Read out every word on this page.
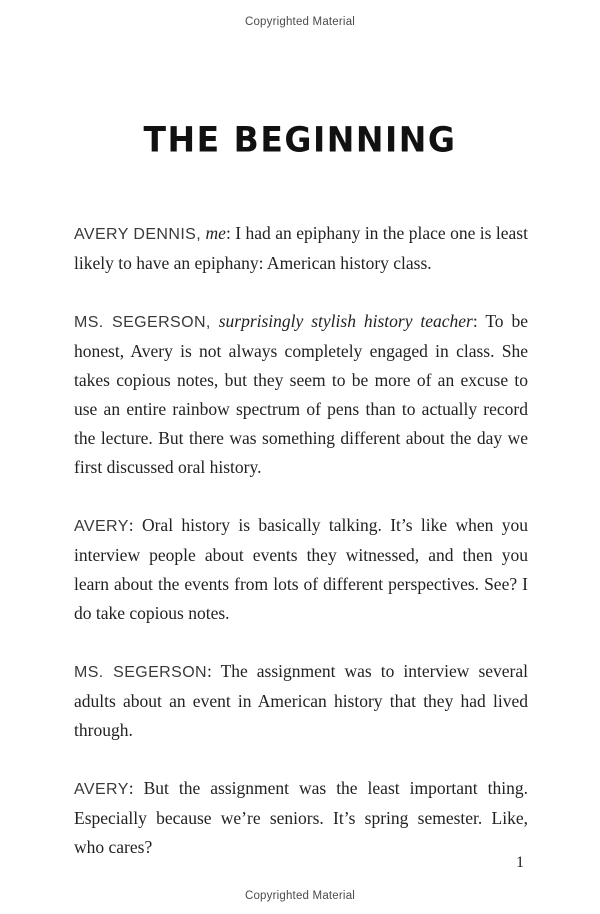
Copyrighted Material
THE BEGINNING

AVERY DENNIS, me: I had an epiphany in the place one is least likely to have an epiphany: American history class.

MS. SEGERSON, surprisingly stylish history teacher: To be honest, Avery is not always completely engaged in class. She takes copious notes, but they seem to be more of an excuse to use an entire rainbow spectrum of pens than to actually record the lecture. But there was something different about the day we first discussed oral history.

AVERY: Oral history is basically talking. It’s like when you interview people about events they witnessed, and then you learn about the events from lots of different perspectives. See? I do take copious notes.

MS. SEGERSON: The assignment was to interview several adults about an event in American history that they had lived through.

AVERY: But the assignment was the least important thing. Especially because we’re seniors. It’s spring semester. Like, who cares?

1
Copyrighted Material
